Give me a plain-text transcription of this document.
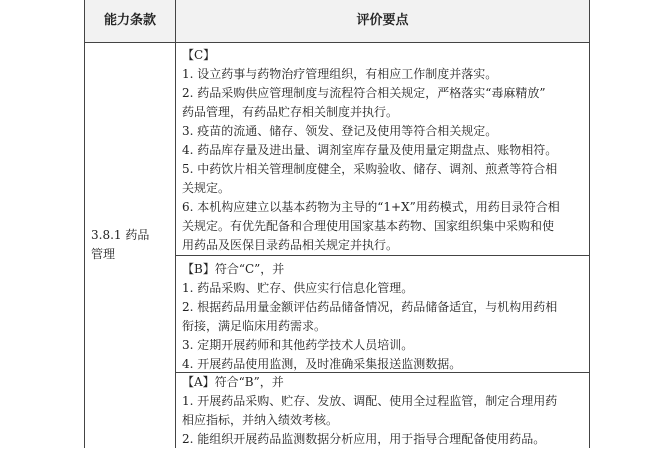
能力条款	评价要点
3.8.1 药品
管理
【C】
1. 设立药事与药物治疗管理组织，有相应工作制度并落实。
2. 药品采购供应管理制度与流程符合相关规定，严格落实“毒麻精放”
药品管理，有药品贮存相关制度并执行。
3. 疫苗的流通、储存、领发、登记及使用等符合相关规定。
4. 药品库存量及进出量、调剂室库存量及使用量定期盘点、账物相符。
5. 中药饮片相关管理制度健全，采购验收、储存、调剂、煎煮等符合相
关规定。
6. 本机构应建立以基本药物为主导的“1+X”用药模式，用药目录符合相
关规定。有优先配备和合理使用国家基本药物、国家组织集中采购和使
用药品及医保目录药品相关规定并执行。
【B】符合“C”，并
1. 药品采购、贮存、供应实行信息化管理。
2. 根据药品用量金额评估药品储备情况，药品储备适宜，与机构用药相
衔接，满足临床用药需求。
3. 定期开展药师和其他药学技术人员培训。
4. 开展药品使用监测，及时准确采集报送监测数据。
【A】符合“B”，并
1. 开展药品采购、贮存、发放、调配、使用全过程监管，制定合理用药
相应指标，并纳入绩效考核。
2. 能组织开展药品监测数据分析应用，用于指导合理配备使用药品。
